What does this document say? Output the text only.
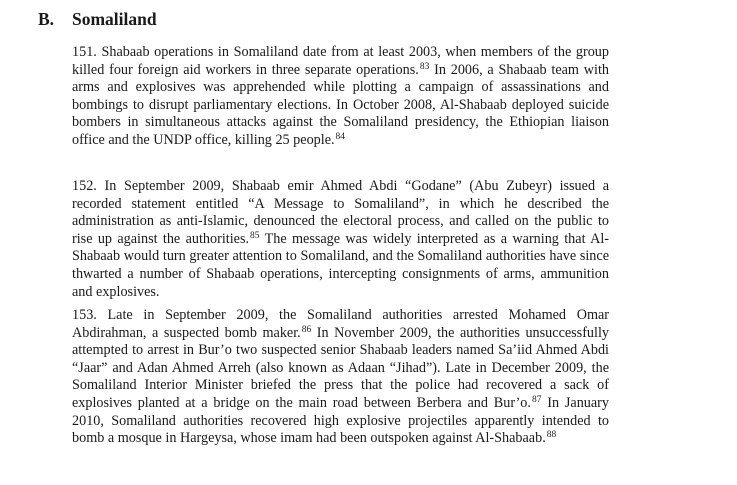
B. Somaliland

151. Shabaab operations in Somaliland date from at least 2003, when members of the group killed four foreign aid workers in three separate operations.$^{83}$ In 2006, a Shabaab team with arms and explosives was apprehended while plotting a campaign of assassinations and bombings to disrupt parliamentary elections. In October 2008, Al-Shabaab deployed suicide bombers in simultaneous attacks against the Somaliland presidency, the Ethiopian liaison office and the UNDP office, killing 25 people.$^{84}$

152. In September 2009, Shabaab emir Ahmed Abdi “Godane” (Abu Zubeyr) issued a recorded statement entitled “A Message to Somaliland”, in which he described the administration as anti-Islamic, denounced the electoral process, and called on the public to rise up against the authorities.$^{85}$ The message was widely interpreted as a warning that Al-Shabaab would turn greater attention to Somaliland, and the Somaliland authorities have since thwarted a number of Shabaab operations, intercepting consignments of arms, ammunition and explosives.

153. Late in September 2009, the Somaliland authorities arrested Mohamed Omar Abdirahman, a suspected bomb maker.$^{86}$ In November 2009, the authorities unsuccessfully attempted to arrest in Bur’o two suspected senior Shabaab leaders named Sa’iid Ahmed Abdi “Jaar” and Adan Ahmed Arreh (also known as Adaan “Jihad”). Late in December 2009, the Somaliland Interior Minister briefed the press that the police had recovered a sack of explosives planted at a bridge on the main road between Berbera and Bur’o.$^{87}$ In January 2010, Somaliland authorities recovered high explosive projectiles apparently intended to bomb a mosque in Hargeysa, whose imam had been outspoken against Al-Shabaab.$^{88}$
